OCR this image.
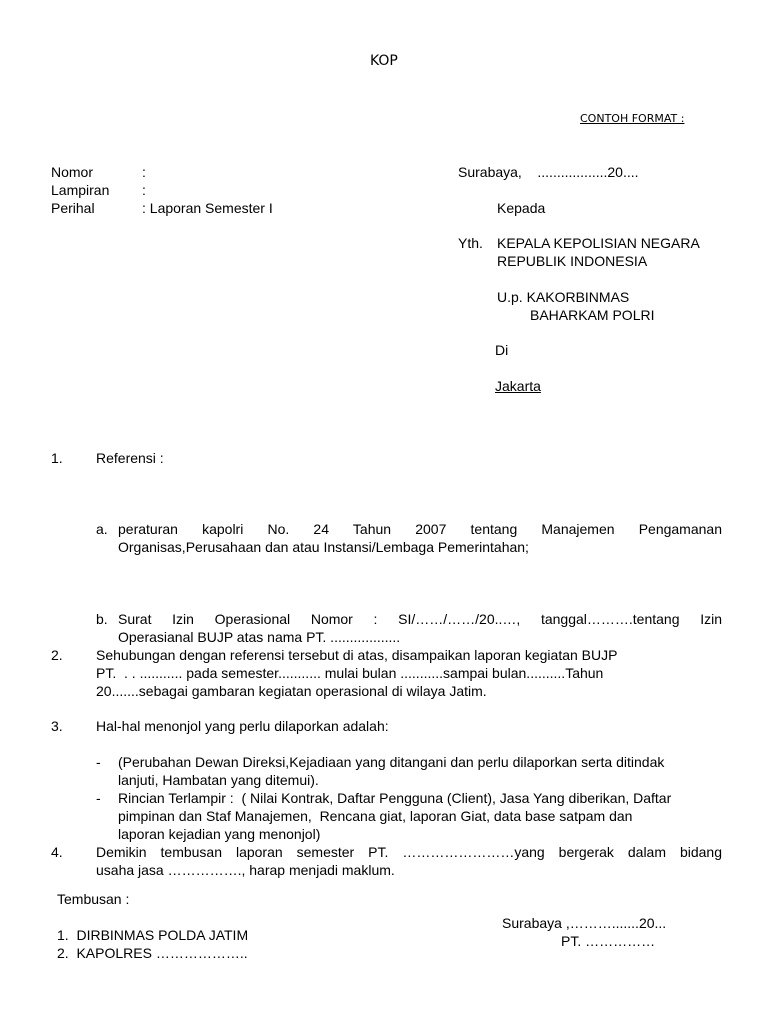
KOP
CONTOH FORMAT :
Nomor	:
Lampiran :
Perihal	: Laporan Semester I
Surabaya,    ..................20....
Kepada
Yth. KEPALA KEPOLISIAN NEGARA
REPUBLIK INDONESIA
U.p. KAKORBINMAS
BAHARKAM POLRI
Di
Jakarta
1. Referensi :
a. peraturan kapolri No. 24 Tahun 2007 tentang Manajemen Pengamanan
Organisas,Perusahaan dan atau Instansi/Lembaga Pemerintahan;
b. Surat Izin Operasional Nomor : SI/……/……/20..…, tanggal……….tentang Izin
Operasianal BUJP atas nama PT. ..................
2. Sehubungan dengan referensi tersebut di atas, disampaikan laporan kegiatan BUJP
PT.  . . ........... pada semester........... mulai bulan ...........sampai bulan..........Tahun
20.......sebagai gambaran kegiatan operasional di wilaya Jatim.
3. Hal-hal menonjol yang perlu dilaporkan adalah:
- (Perubahan Dewan Direksi,Kejadiaan yang ditangani dan perlu dilaporkan serta ditindak
lanjuti, Hambatan yang ditemui).
- Rincian Terlampir :  ( Nilai Kontrak, Daftar Pengguna (Client), Jasa Yang diberikan, Daftar
pimpinan dan Staf Manajemen,  Rencana giat, laporan Giat, data base satpam dan
laporan kejadian yang menonjol)
4. Demikin tembusan laporan semester PT. ……………………yang bergerak dalam bidang
usaha jasa ……………., harap menjadi maklum.
Tembusan :
1.  DIRBINMAS POLDA JATIM
2.  KAPOLRES ………………..
Surabaya ,……….......20...
PT. ……………
